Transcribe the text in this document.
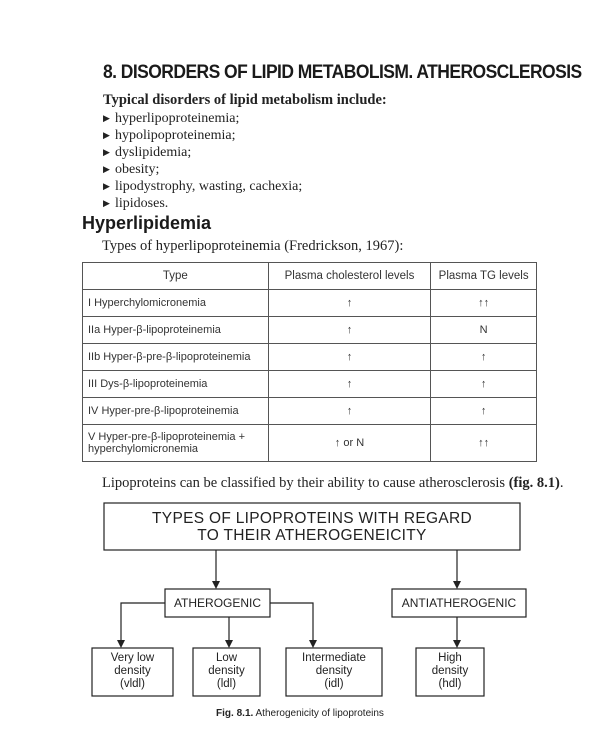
8. DISORDERS OF LIPID METABOLISM. ATHEROSCLEROSIS
Typical disorders of lipid metabolism include:
▶ hyperlipoproteinemia;
▶ hypolipoproteinemia;
▶ dyslipidemia;
▶ obesity;
▶ lipodystrophy, wasting, cachexia;
▶ lipidoses.
Hyperlipidemia
Types of hyperlipoproteinemia (Fredrickson, 1967):
Type	Plasma cholesterol levels	Plasma TG levels
I Hyperchylomicronemia	↑	↑↑
IIa Hyper-β-lipoproteinemia	↑	N
IIb Hyper-β-pre-β-lipoproteinemia	↑	↑
III Dys-β-lipoproteinemia	↑	↑
IV Hyper-pre-β-lipoproteinemia	↑	↑
V Hyper-pre-β-lipoproteinemia + hyperchylomicronemia	↑ or N	↑↑
Lipoproteins can be classified by their ability to cause atherosclerosis (fig. 8.1).
TYPES OF LIPOPROTEINS WITH REGARD
TO THEIR ATHEROGENEICITY
ATHEROGENIC	ANTIATHEROGENIC
Very low
density
(vldl)
Low
density
(ldl)
Intermediate
density
(idl)
High
density
(hdl)
Fig. 8.1. Atherogenicity of lipoproteins
